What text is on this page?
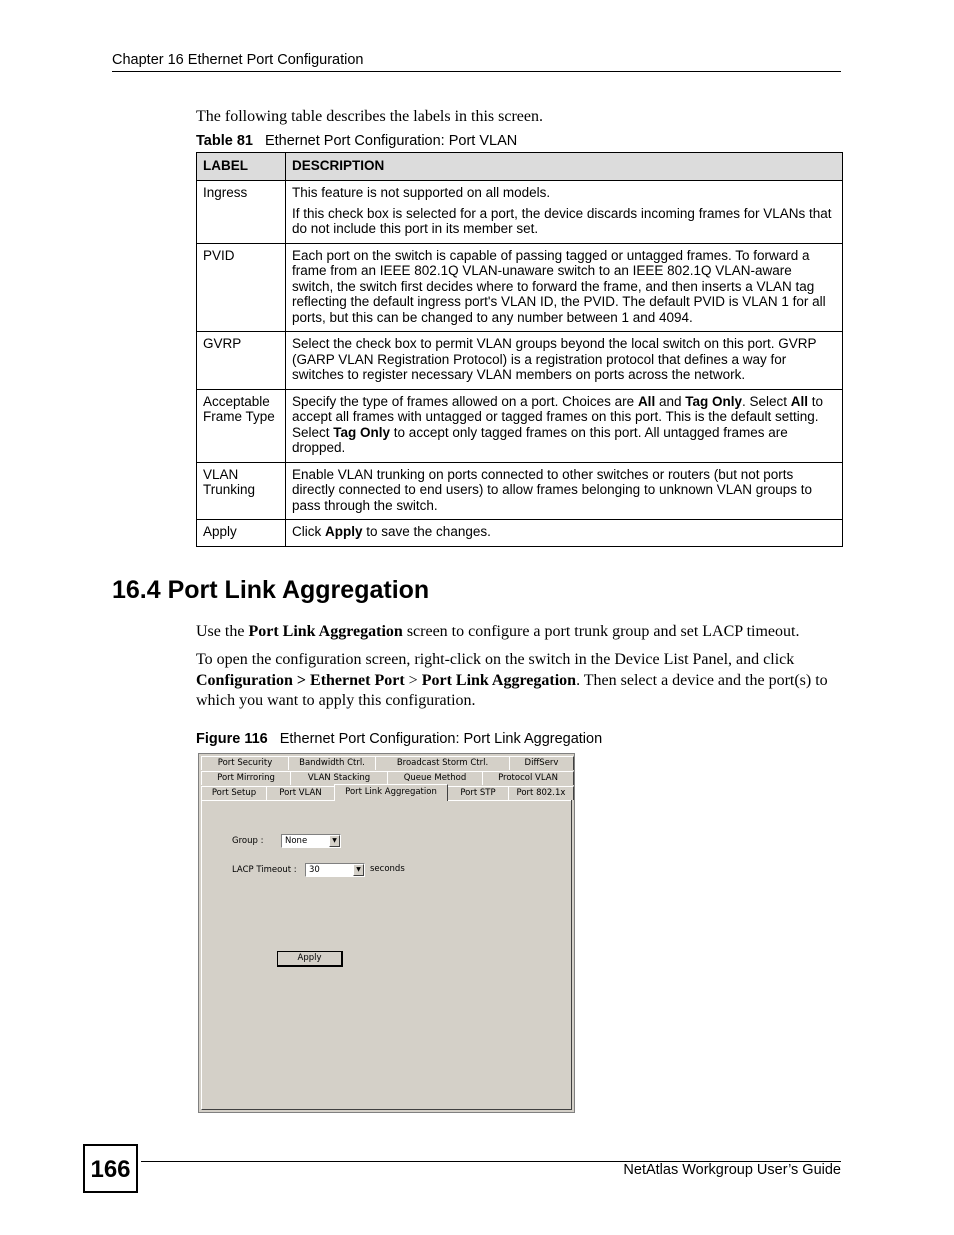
Chapter 16 Ethernet Port Configuration
The following table describes the labels in this screen.
Table 81 Ethernet Port Configuration: Port VLAN
LABEL	DESCRIPTION
Ingress	This feature is not supported on all models.

If this check box is selected for a port, the device discards incoming frames for VLANs that do not include this port in its member set.

PVID	Each port on the switch is capable of passing tagged or untagged frames. To forward a frame from an IEEE 802.1Q VLAN-unaware switch to an IEEE 802.1Q VLAN-aware switch, the switch first decides where to forward the frame, and then inserts a VLAN tag reflecting the default ingress port's VLAN ID, the PVID. The default PVID is VLAN 1 for all ports, but this can be changed to any number between 1 and 4094.

GVRP	Select the check box to permit VLAN groups beyond the local switch on this port. GVRP (GARP VLAN Registration Protocol) is a registration protocol that defines a way for switches to register necessary VLAN members on ports across the network.

Acceptable
Frame Type	Specify the type of frames allowed on a port. Choices are All and Tag Only. Select All to accept all frames with untagged or tagged frames on this port. This is the default setting. Select Tag Only to accept only tagged frames on this port. All untagged frames are dropped.

VLAN
Trunking	Enable VLAN trunking on ports connected to other switches or routers (but not ports directly connected to end users) to allow frames belonging to unknown VLAN groups to pass through the switch.

Apply	Click Apply to save the changes.

16.4 Port Link Aggregation
Use the Port Link Aggregation screen to configure a port trunk group and set LACP timeout.
To open the configuration screen, right-click on the switch in the Device List Panel, and click Configuration > Ethernet Port > Port Link Aggregation. Then select a device and the port(s) to which you want to apply this configuration.
Figure 116 Ethernet Port Configuration: Port Link Aggregation
Port Security	Bandwidth Ctrl.	Broadcast Storm Ctrl.	DiffServ
Port Mirroring	VLAN Stacking	Queue Method	Protocol VLAN
Port Setup	Port VLAN	Port Link Aggregation	Port STP	Port 802.1x
Group :	None	▼
LACP Timeout : 30	▼	seconds
Apply
166	NetAtlas Workgroup User’s Guide
